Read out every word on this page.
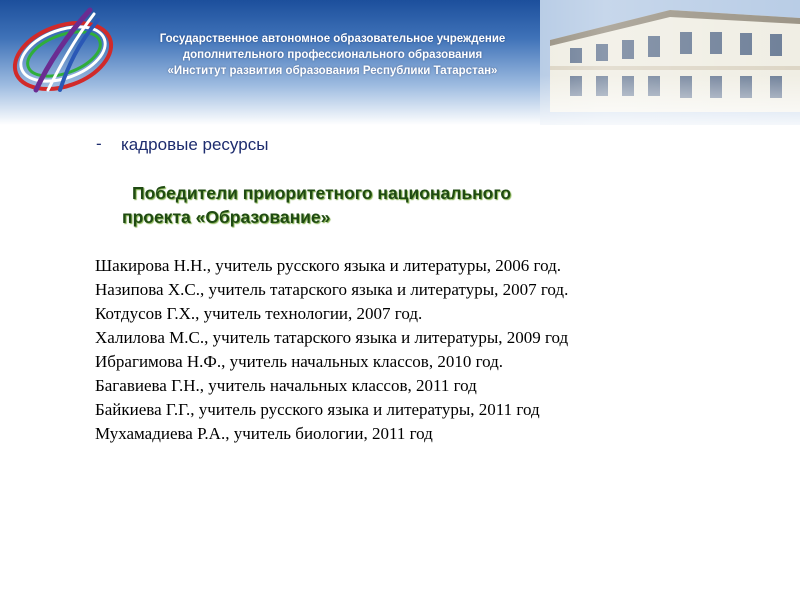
Государственное автономное образовательное учреждение
дополнительного профессионального образования
«Институт развития образования Республики Татарстан»
- кадровые ресурсы
Победители приоритетного национального
проекта «Образование»
Шакирова Н.Н., учитель русского языка и литературы, 2006 год.
Назипова Х.С., учитель татарского языка и литературы, 2007 год.
Котдусов Г.Х., учитель технологии, 2007 год.
Халилова М.С., учитель татарского языка и литературы, 2009 год
Ибрагимова Н.Ф., учитель начальных классов, 2010 год.
Багавиева Г.Н., учитель начальных классов, 2011 год
Байкиева Г.Г., учитель русского языка и литературы, 2011 год
Мухамадиева Р.А., учитель биологии, 2011 год
